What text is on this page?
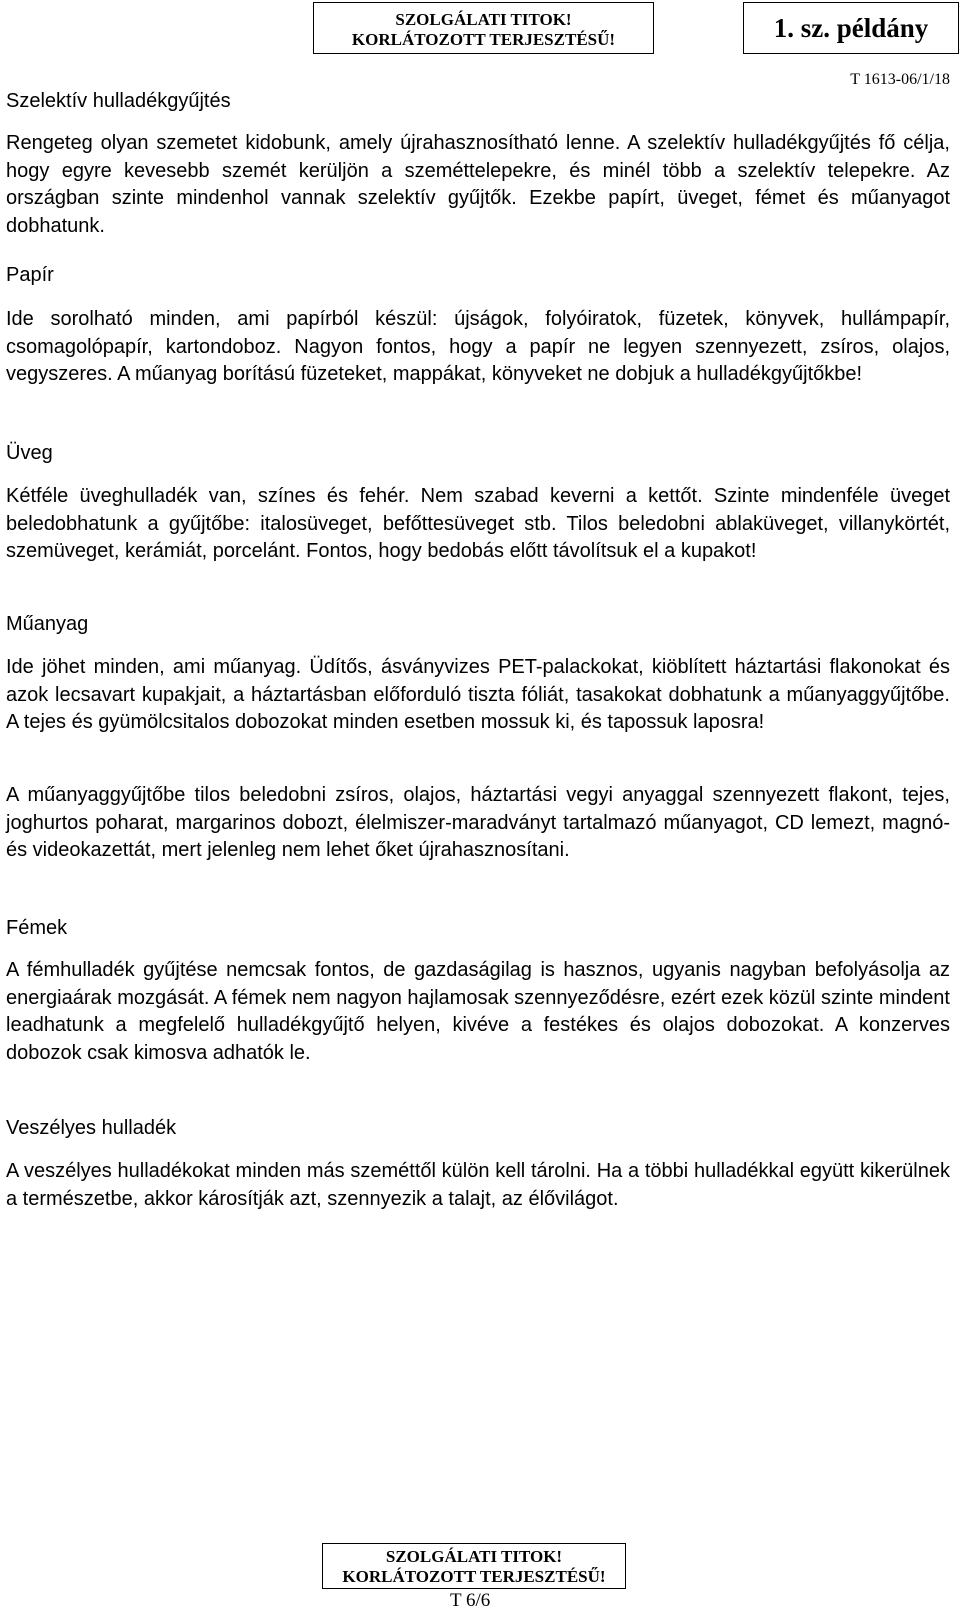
SZOLGÁLATI TITOK!
KORLÁTOZOTT TERJESZTÉSŰ!	1. sz. példány
T 1613-06/1/18
Szelektív hulladékgyűjtés

Rengeteg olyan szemetet kidobunk, amely újrahasznosítható lenne. A szelektív hulladékgyűjtés fő célja, hogy egyre kevesebb szemét kerüljön a szeméttelepekre, és minél több a szelektív telepekre. Az országban szinte mindenhol vannak szelektív gyűjtők. Ezekbe papírt, üveget, fémet és műanyagot dobhatunk.

Papír

Ide sorolható minden, ami papírból készül: újságok, folyóiratok, füzetek, könyvek, hullámpapír, csomagolópapír, kartondoboz. Nagyon fontos, hogy a papír ne legyen szennyezett, zsíros, olajos, vegyszeres. A műanyag borítású füzeteket, mappákat, könyveket ne dobjuk a hulladékgyűjtőkbe!

Üveg

Kétféle üveghulladék van, színes és fehér. Nem szabad keverni a kettőt. Szinte mindenféle üveget beledobhatunk a gyűjtőbe: italosüveget, befőttesüveget stb. Tilos beledobni ablaküveget, villanykörtét, szemüveget, kerámiát, porcelánt. Fontos, hogy bedobás előtt távolítsuk el a kupakot!

Műanyag

Ide jöhet minden, ami műanyag. Üdítős, ásványvizes PET-palackokat, kiöblített háztartási flakonokat és azok lecsavart kupakjait, a háztartásban előforduló tiszta fóliát, tasakokat dobhatunk a műanyaggyűjtőbe. A tejes és gyümölcsitalos dobozokat minden esetben mossuk ki, és tapossuk laposra!

A műanyaggyűjtőbe tilos beledobni zsíros, olajos, háztartási vegyi anyaggal szennyezett flakont, tejes, joghurtos poharat, margarinos dobozt, élelmiszer-maradványt tartalmazó műanyagot, CD lemezt, magnó- és videokazettát, mert jelenleg nem lehet őket újrahasznosítani.

Fémek

A fémhulladék gyűjtése nemcsak fontos, de gazdaságilag is hasznos, ugyanis nagyban befolyásolja az energiaárak mozgását. A fémek nem nagyon hajlamosak szennyeződésre, ezért ezek közül szinte mindent leadhatunk a megfelelő hulladékgyűjtő helyen, kivéve a festékes és olajos dobozokat. A konzerves dobozok csak kimosva adhatók le.

Veszélyes hulladék

A veszélyes hulladékokat minden más szeméttől külön kell tárolni. Ha a többi hulladékkal együtt kikerülnek a természetbe, akkor károsítják azt, szennyezik a talajt, az élővilágot.

SZOLGÁLATI TITOK!
KORLÁTOZOTT TERJESZTÉSŰ!
T 6/6
